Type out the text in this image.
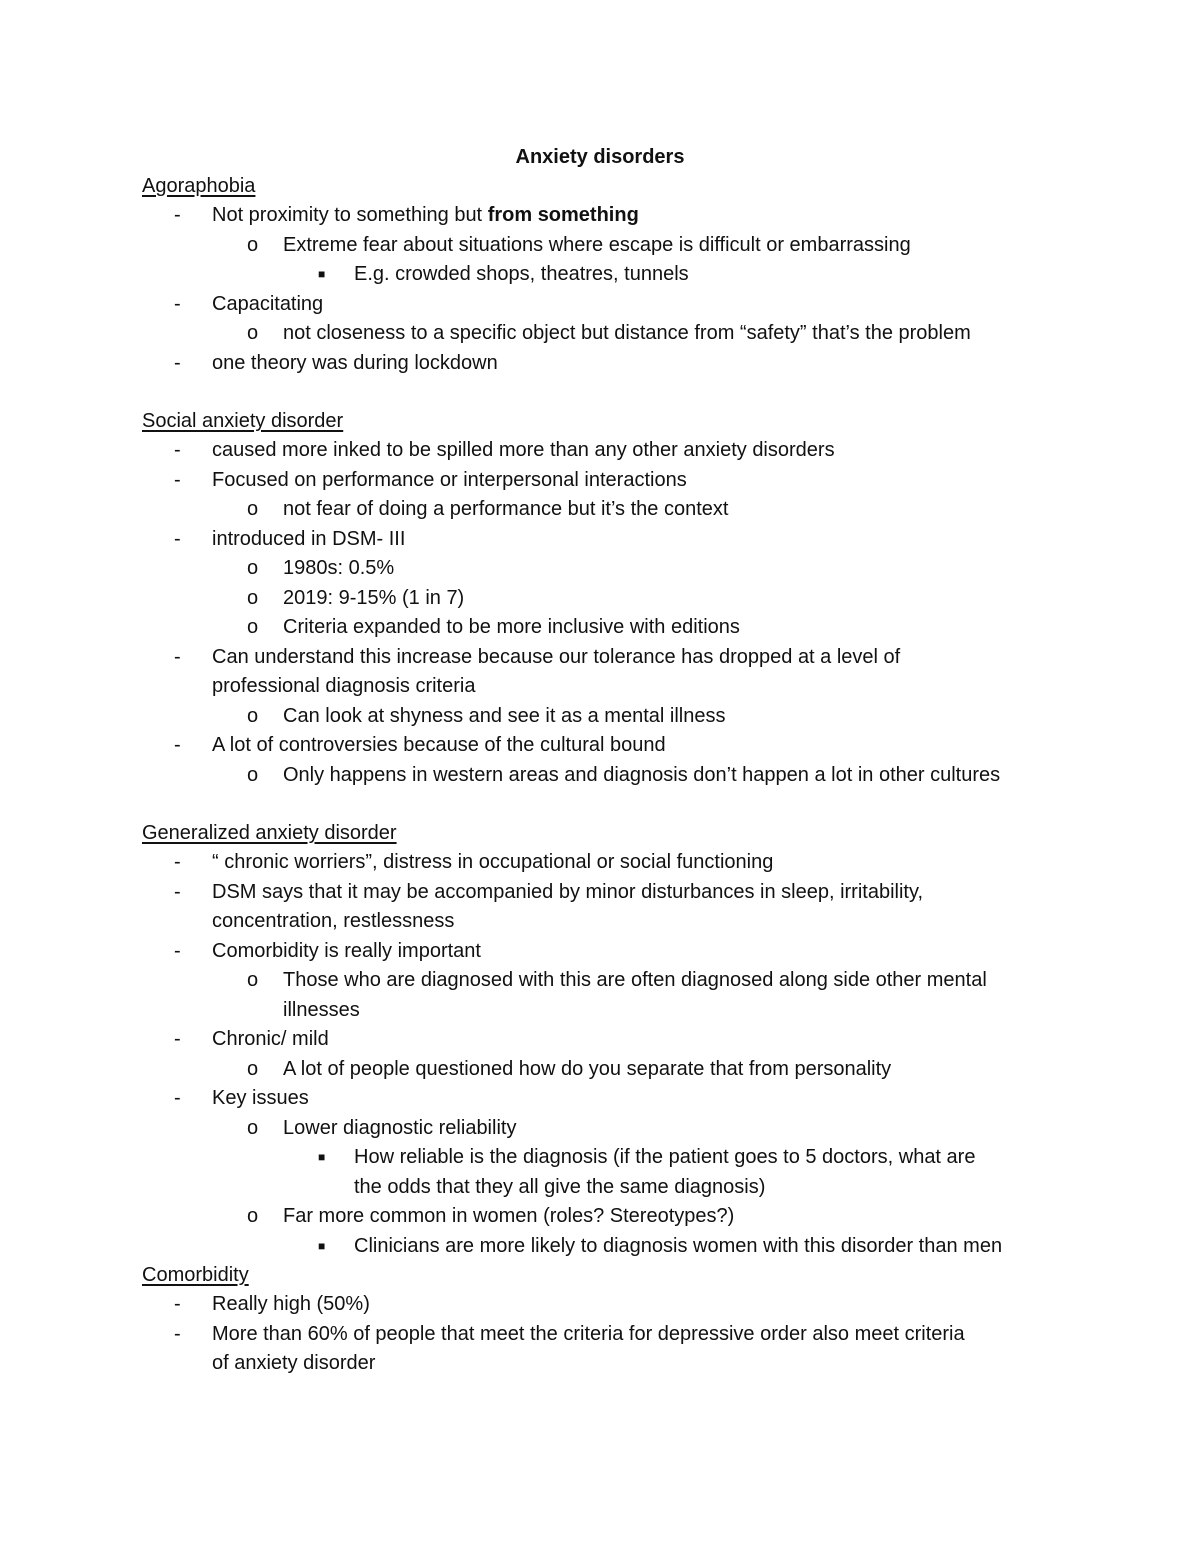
Anxiety disorders
Agoraphobia
- Not proximity to something but from something
o Extreme fear about situations where escape is difficult or embarrassing
■ E.g. crowded shops, theatres, tunnels
- Capacitating
o not closeness to a specific object but distance from “safety” that’s the problem
- one theory was during lockdown
Social anxiety disorder
- caused more inked to be spilled more than any other anxiety disorders
- Focused on performance or interpersonal interactions
o not fear of doing a performance but it’s the context
- introduced in DSM- III
o 1980s: 0.5%
o 2019: 9-15% (1 in 7)
o Criteria expanded to be more inclusive with editions
- Can understand this increase because our tolerance has dropped at a level of
professional diagnosis criteria
o Can look at shyness and see it as a mental illness
- A lot of controversies because of the cultural bound
o Only happens in western areas and diagnosis don’t happen a lot in other cultures
Generalized anxiety disorder
- “ chronic worriers”, distress in occupational or social functioning
- DSM says that it may be accompanied by minor disturbances in sleep, irritability,
concentration, restlessness
- Comorbidity is really important
o Those who are diagnosed with this are often diagnosed along side other mental
illnesses
- Chronic/ mild
o A lot of people questioned how do you separate that from personality
- Key issues
o Lower diagnostic reliability
■ How reliable is the diagnosis (if the patient goes to 5 doctors, what are
the odds that they all give the same diagnosis)
o Far more common in women (roles? Stereotypes?)
■ Clinicians are more likely to diagnosis women with this disorder than men
Comorbidity
- Really high (50%)
- More than 60% of people that meet the criteria for depressive order also meet criteria
of anxiety disorder
